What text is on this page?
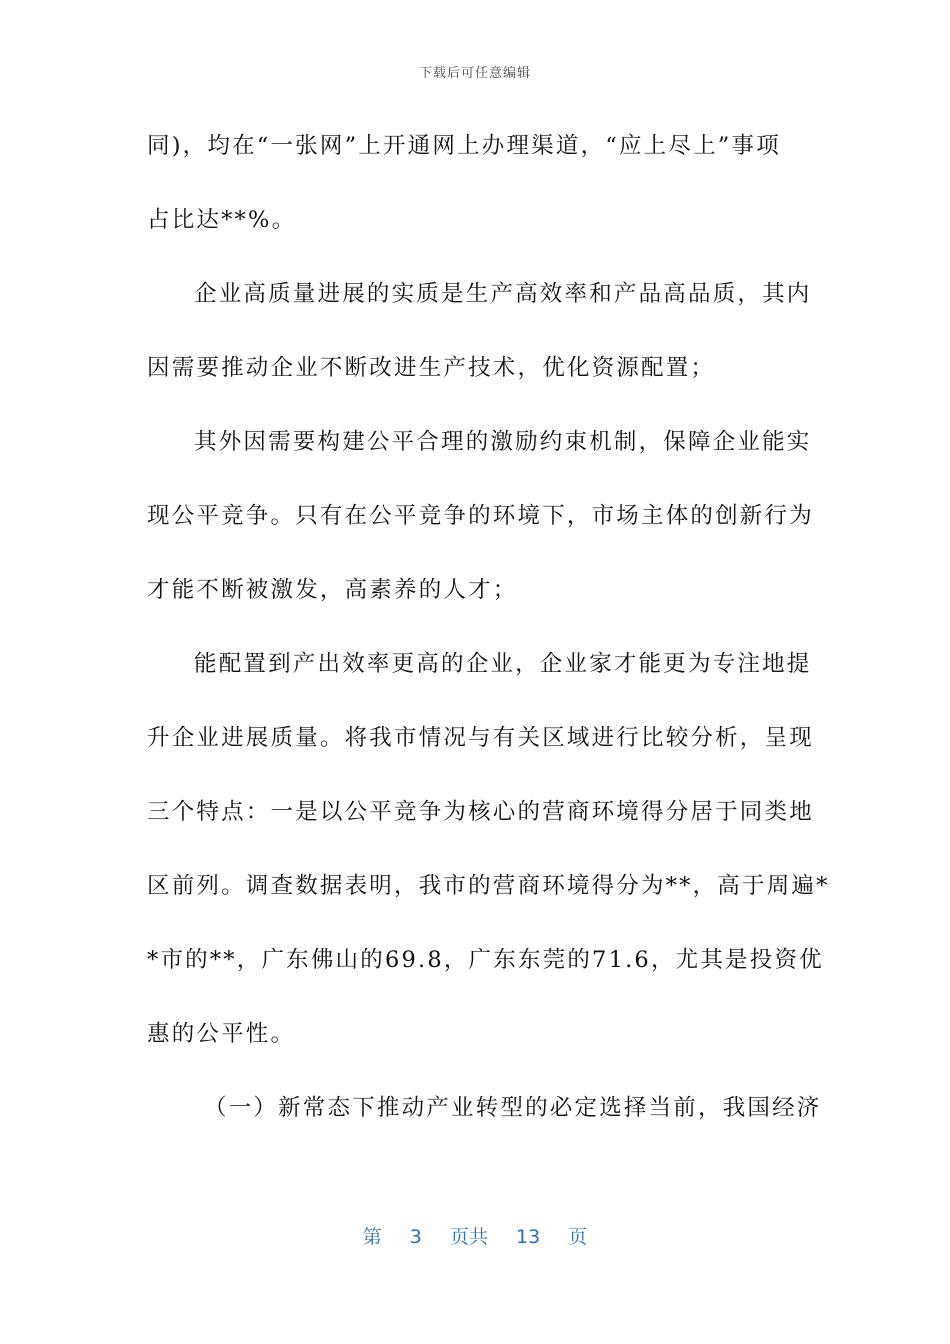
下载后可任意编辑
同)，均在“一张网”上开通网上办理渠道，“应上尽上”事项
占比达**%。
企业高质量进展的实质是生产高效率和产品高品质，其内
因需要推动企业不断改进生产技术，优化资源配置；
其外因需要构建公平合理的激励约束机制，保障企业能实
现公平竞争。只有在公平竞争的环境下，市场主体的创新行为
才能不断被激发，高素养的人才；
能配置到产出效率更高的企业，企业家才能更为专注地提
升企业进展质量。将我市情况与有关区域进行比较分析，呈现
三个特点：一是以公平竞争为核心的营商环境得分居于同类地
区前列。调查数据表明，我市的营商环境得分为**，高于周遍*
*市的**，广东佛山的69.8，广东东莞的71.6，尤其是投资优
惠的公平性。
（一）新常态下推动产业转型的必定选择当前，我国经济
第 3 页共 13 页
